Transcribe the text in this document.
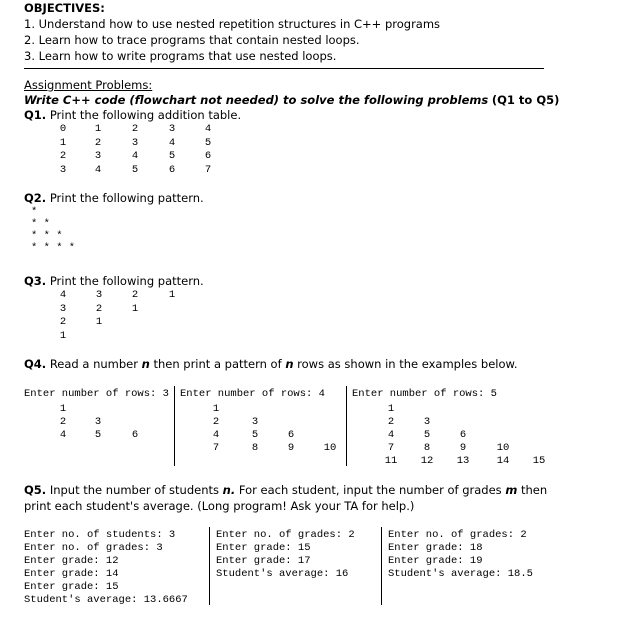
OBJECTIVES:
1. Understand how to use nested repetition structures in C++ programs
2. Learn how to trace programs that contain nested loops.
3. Learn how to write programs that use nested loops.
Assignment Problems:
Write C++ code (flowchart not needed) to solve the following problems (Q1 to Q5)
Q1. Print the following addition table.
0	1	2	3	4
1	2	3	4	5
2	3	4	5	6
3	4	5	6	7
Q2. Print the following pattern.
*
* *
* * *
* * * *
Q3. Print the following pattern.
4	3	2	1
3	2	1
2	1
1
Q4. Read a number n then print a pattern of n rows as shown in the examples below.
Enter number of rows: 3 Enter number of rows: 4	Enter number of rows: 5
1
2	3
4	5	6
1
2	3
4	5	6
7	8	9	10
1
2	3
4	5	6
7	8	9	10
11	12	13	14	15
Q5. Input the number of students n. For each student, input the number of grades m then
print each student's average. (Long program! Ask your TA for help.)
Enter no. of students: 3
Enter no. of grades: 3
Enter grade: 12
Enter grade: 14
Enter grade: 15
Student's average: 13.6667
Enter no. of grades: 2
Enter grade: 15
Enter grade: 17
Student's average: 16
Enter no. of grades: 2
Enter grade: 18
Enter grade: 19
Student's average: 18.5
